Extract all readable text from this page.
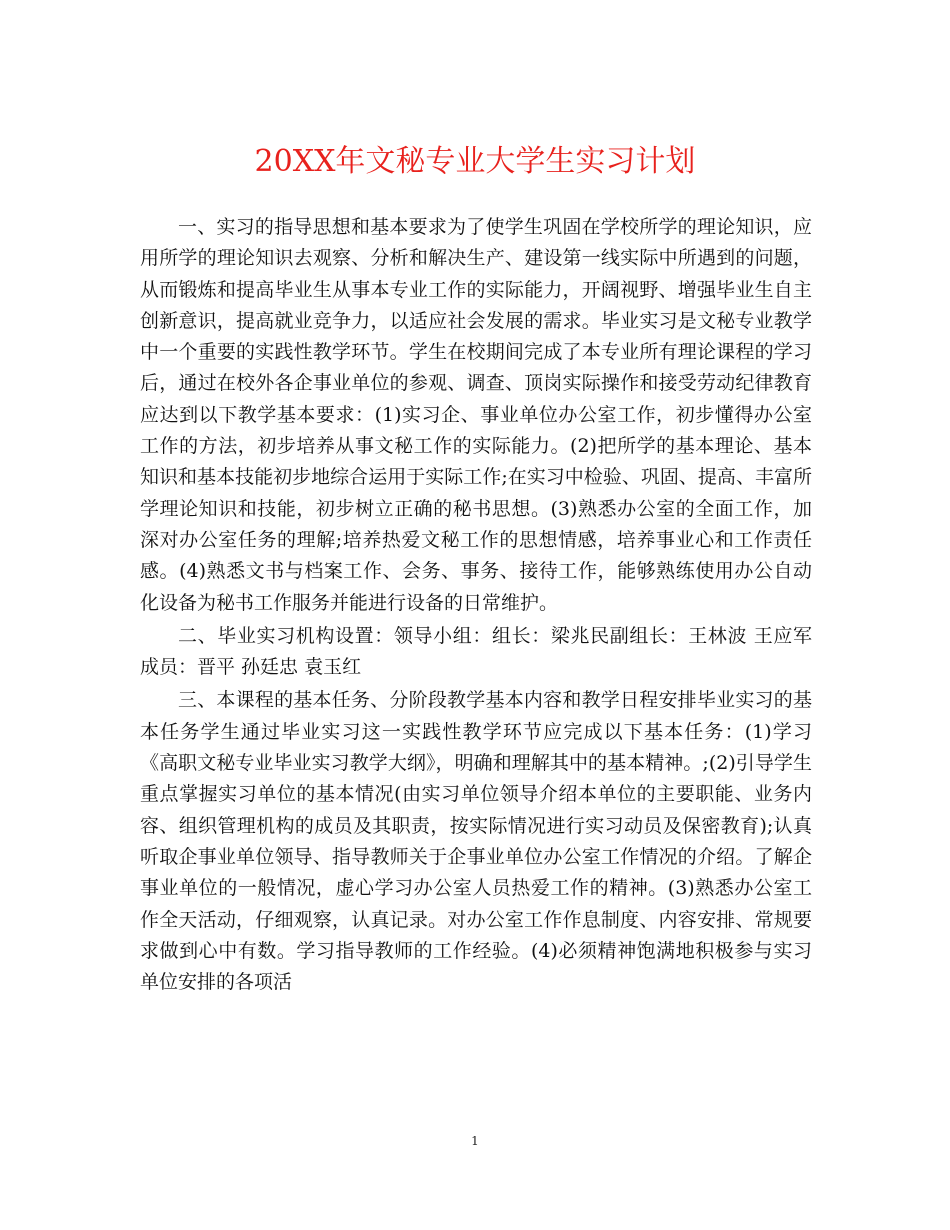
20XX年文秘专业大学生实习计划

一、实习的指导思想和基本要求为了使学生巩固在学校所学的理论知识，应用所学的理论知识去观察、分析和解决生产、建设第一线实际中所遇到的问题，从而锻炼和提高毕业生从事本专业工作的实际能力，开阔视野、增强毕业生自主创新意识，提高就业竞争力，以适应社会发展的需求。毕业实习是文秘专业教学中一个重要的实践性教学环节。学生在校期间完成了本专业所有理论课程的学习后，通过在校外各企事业单位的参观、调查、顶岗实际操作和接受劳动纪律教育应达到以下教学基本要求：(1)实习企、事业单位办公室工作，初步懂得办公室工作的方法，初步培养从事文秘工作的实际能力。(2)把所学的基本理论、基本知识和基本技能初步地综合运用于实际工作;在实习中检验、巩固、提高、丰富所学理论知识和技能，初步树立正确的秘书思想。(3)熟悉办公室的全面工作，加深对办公室任务的理解;培养热爱文秘工作的思想情感，培养事业心和工作责任感。(4)熟悉文书与档案工作、会务、事务、接待工作，能够熟练使用办公自动化设备为秘书工作服务并能进行设备的日常维护。

二、毕业实习机构设置：领导小组：组长：梁兆民副组长：王林波 王应军 成员：晋平 孙廷忠 袁玉红

三、本课程的基本任务、分阶段教学基本内容和教学日程安排毕业实习的基本任务学生通过毕业实习这一实践性教学环节应完成以下基本任务：(1)学习《高职文秘专业毕业实习教学大纲》，明确和理解其中的基本精神。;(2)引导学生重点掌握实习单位的基本情况(由实习单位领导介绍本单位的主要职能、业务内容、组织管理机构的成员及其职责，按实际情况进行实习动员及保密教育);认真听取企事业单位领导、指导教师关于企事业单位办公室工作情况的介绍。了解企事业单位的一般情况，虚心学习办公室人员热爱工作的精神。(3)熟悉办公室工作全天活动，仔细观察，认真记录。对办公室工作作息制度、内容安排、常规要求做到心中有数。学习指导教师的工作经验。(4)必须精神饱满地积极参与实习单位安排的各项活

1
